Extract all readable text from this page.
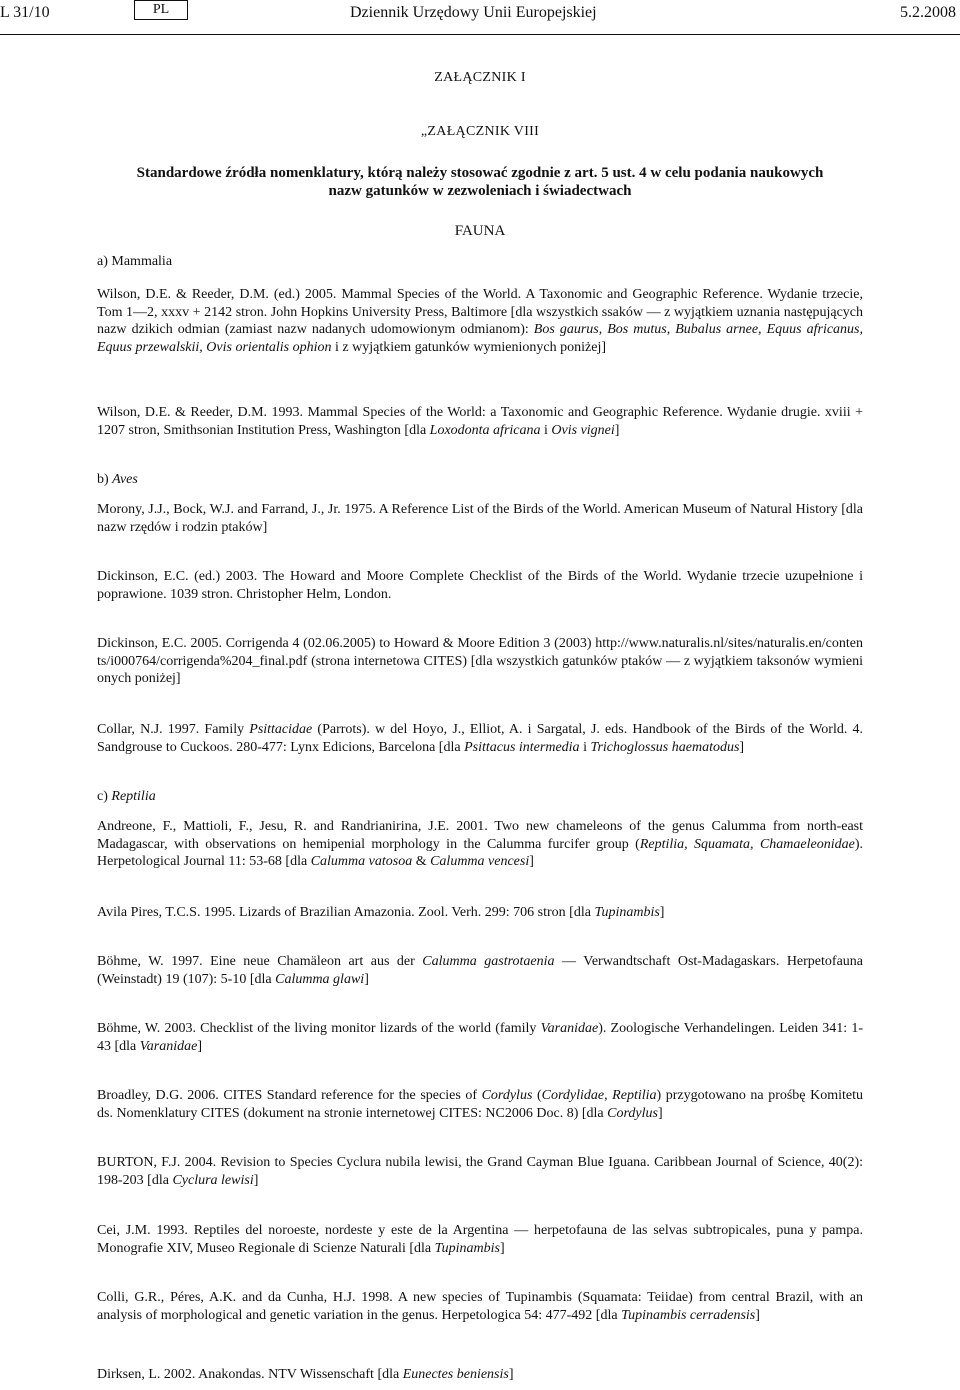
L 31/10	PL	Dziennik Urzędowy Unii Europejskiej	5.2.2008
ZAŁĄCZNIK I
„ZAŁĄCZNIK VIII
Standardowe źródła nomenklatury, którą należy stosować zgodnie z art. 5 ust. 4 w celu podania naukowych
nazw gatunków w zezwoleniach i świadectwach
FAUNA
a) Mammalia
Wilson, D.E. & Reeder, D.M. (ed.) 2005. Mammal Species of the World. A Taxonomic and Geographic Reference. Wydanie trzecie, Tom 1—2, xxxv + 2142 stron. John Hopkins University Press, Baltimore [dla wszystkich ssaków — z wyjątkiem uznania następujących nazw dzikich odmian (zamiast nazw nadanych udomowionym odmianom): Bos gaurus, Bos mutus, Bubalus arnee, Equus africanus, Equus przewalskii, Ovis orientalis ophion i z wyjątkiem gatunków wymienionych poniżej]
Wilson, D.E. & Reeder, D.M. 1993. Mammal Species of the World: a Taxonomic and Geographic Reference. Wydanie drugie. xviii + 1207 stron, Smithsonian Institution Press, Washington [dla Loxodonta africana i Ovis vignei]
b) Aves
Morony, J.J., Bock, W.J. and Farrand, J., Jr. 1975. A Reference List of the Birds of the World. American Museum of Natural History [dla nazw rzędów i rodzin ptaków]
Dickinson, E.C. (ed.) 2003. The Howard and Moore Complete Checklist of the Birds of the World. Wydanie trzecie uzupełnione i poprawione. 1039 stron. Christopher Helm, London.
Dickinson, E.C. 2005. Corrigenda 4 (02.06.2005) to Howard & Moore Edition 3 (2003) http://www.naturalis.nl/sites/naturalis.en/contents/i000764/corrigenda%204_final.pdf (strona internetowa CITES) [dla wszystkich gatunków ptaków — z wyjątkiem taksonów wymienionych poniżej]
Collar, N.J. 1997. Family Psittacidae (Parrots). w del Hoyo, J., Elliot, A. i Sargatal, J. eds. Handbook of the Birds of the World. 4. Sandgrouse to Cuckoos. 280-477: Lynx Edicions, Barcelona [dla Psittacus intermedia i Trichoglossus haematodus]
c) Reptilia
Andreone, F., Mattioli, F., Jesu, R. and Randrianirina, J.E. 2001. Two new chameleons of the genus Calumma from north-east Madagascar, with observations on hemipenial morphology in the Calumma furcifer group (Reptilia, Squamata, Chamaeleonidae). Herpetological Journal 11: 53-68 [dla Calumma vatosoa & Calumma vencesi]
Avila Pires, T.C.S. 1995. Lizards of Brazilian Amazonia. Zool. Verh. 299: 706 stron [dla Tupinambis]
Böhme, W. 1997. Eine neue Chamäleon art aus der Calumma gastrotaenia — Verwandtschaft Ost-Madagaskars. Herpetofauna (Weinstadt) 19 (107): 5-10 [dla Calumma glawi]
Böhme, W. 2003. Checklist of the living monitor lizards of the world (family Varanidae). Zoologische Verhandelingen. Leiden 341: 1-43 [dla Varanidae]
Broadley, D.G. 2006. CITES Standard reference for the species of Cordylus (Cordylidae, Reptilia) przygotowano na prośbę Komitetu ds. Nomenklatury CITES (dokument na stronie internetowej CITES: NC2006 Doc. 8) [dla Cordylus]
BURTON, F.J. 2004. Revision to Species Cyclura nubila lewisi, the Grand Cayman Blue Iguana. Caribbean Journal of Science, 40(2): 198-203 [dla Cyclura lewisi]
Cei, J.M. 1993. Reptiles del noroeste, nordeste y este de la Argentina — herpetofauna de las selvas subtropicales, puna y pampa. Monografie XIV, Museo Regionale di Scienze Naturali [dla Tupinambis]
Colli, G.R., Péres, A.K. and da Cunha, H.J. 1998. A new species of Tupinambis (Squamata: Teiidae) from central Brazil, with an analysis of morphological and genetic variation in the genus. Herpetologica 54: 477-492 [dla Tupinambis cerradensis]
Dirksen, L. 2002. Anakondas. NTV Wissenschaft [dla Eunectes beniensis]
